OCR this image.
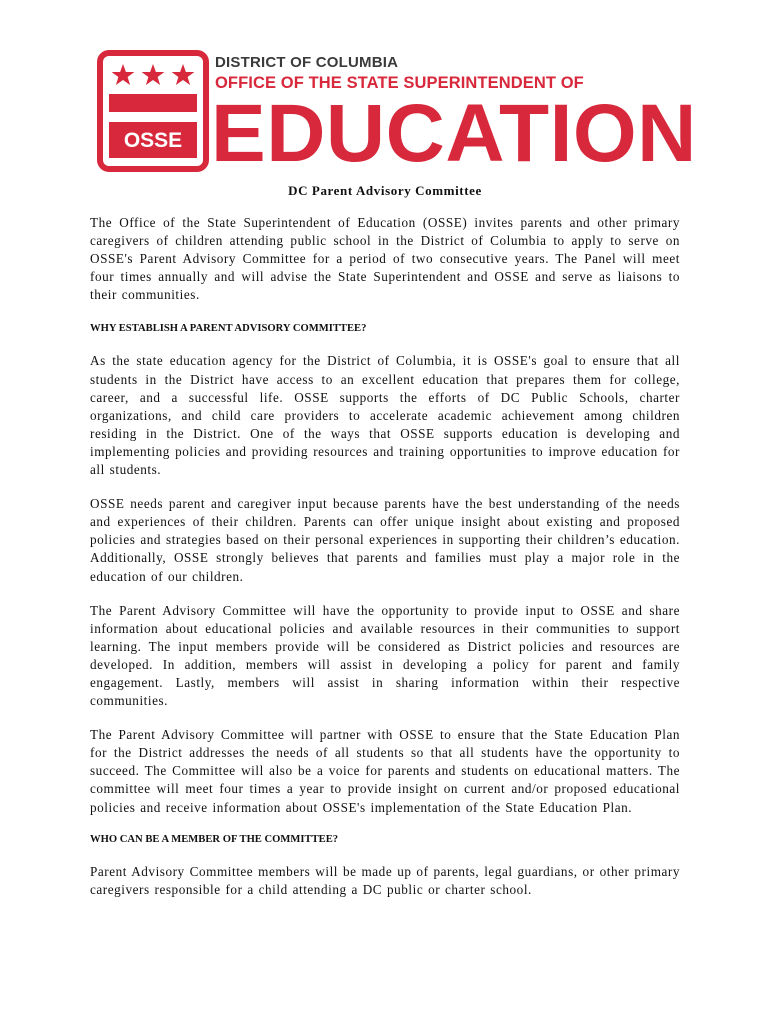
OSSE
DISTRICT OF COLUMBIA
OFFICE OF THE STATE SUPERINTENDENT OF
EDUCATION
DC Parent Advisory Committee

The Office of the State Superintendent of Education (OSSE) invites parents and other primary caregivers of children attending public school in the District of Columbia to apply to serve on OSSE's Parent Advisory Committee for a period of two consecutive years. The Panel will meet four times annually and will advise the State Superintendent and OSSE and serve as liaisons to their communities.

WHY ESTABLISH A PARENT ADVISORY COMMITTEE?

As the state education agency for the District of Columbia, it is OSSE's goal to ensure that all students in the District have access to an excellent education that prepares them for college, career, and a successful life. OSSE supports the efforts of DC Public Schools, charter organizations, and child care providers to accelerate academic achievement among children residing in the District. One of the ways that OSSE supports education is developing and implementing policies and providing resources and training opportunities to improve education for all students.

OSSE needs parent and caregiver input because parents have the best understanding of the needs and experiences of their children. Parents can offer unique insight about existing and proposed policies and strategies based on their personal experiences in supporting their children’s education. Additionally, OSSE strongly believes that parents and families must play a major role in the education of our children.

The Parent Advisory Committee will have the opportunity to provide input to OSSE and share information about educational policies and available resources in their communities to support learning. The input members provide will be considered as District policies and resources are developed. In addition, members will assist in developing a policy for parent and family engagement. Lastly, members will assist in sharing information within their respective communities.

The Parent Advisory Committee will partner with OSSE to ensure that the State Education Plan for the District addresses the needs of all students so that all students have the opportunity to succeed. The Committee will also be a voice for parents and students on educational matters. The committee will meet four times a year to provide insight on current and/or proposed educational policies and receive information about OSSE's implementation of the State Education Plan.

WHO CAN BE A MEMBER OF THE COMMITTEE?

Parent Advisory Committee members will be made up of parents, legal guardians, or other primary caregivers responsible for a child attending a DC public or charter school.
